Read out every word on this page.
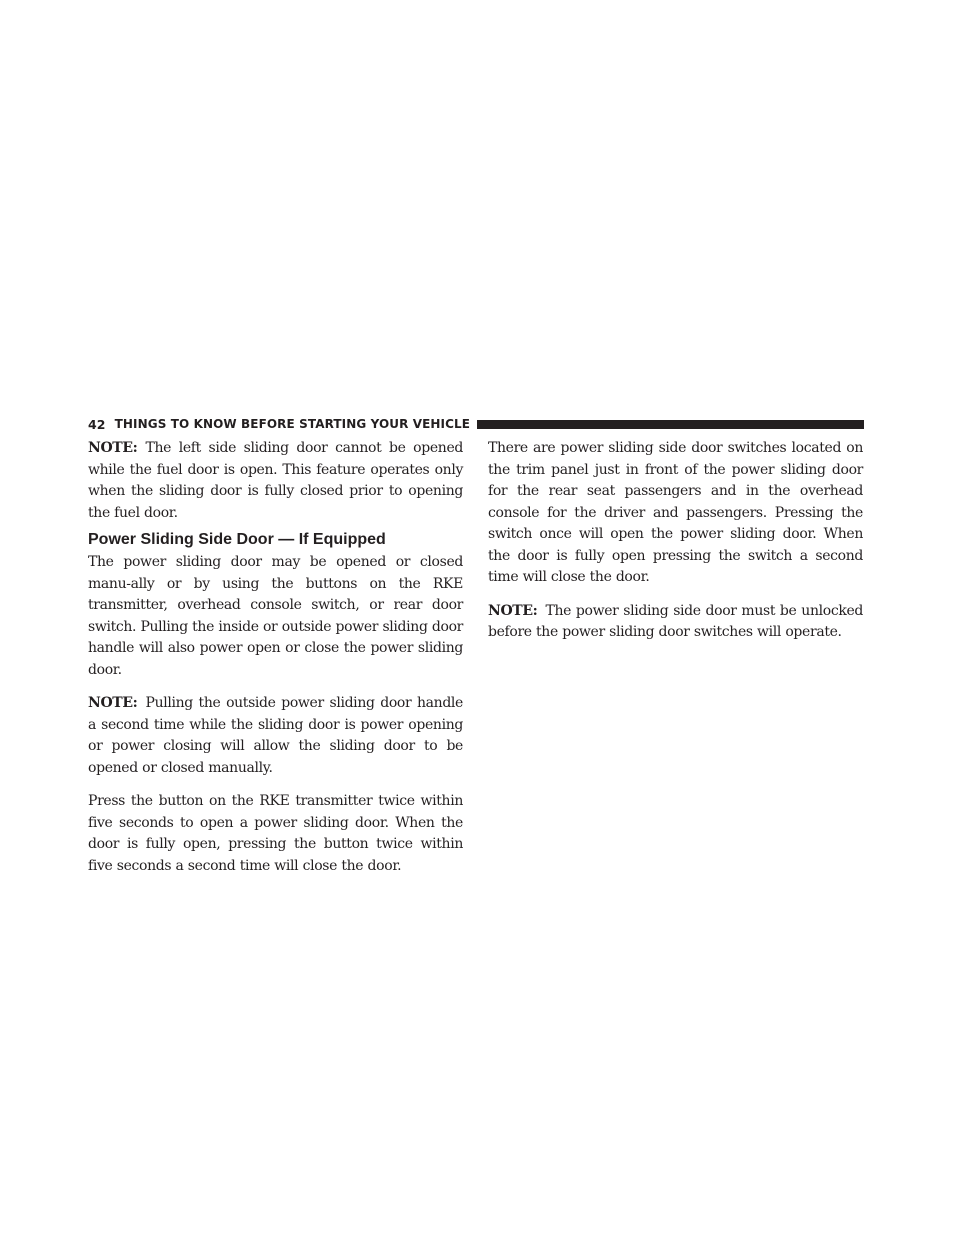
42 THINGS TO KNOW BEFORE STARTING YOUR VEHICLE

NOTE: The left side sliding door cannot be opened while the fuel door is open. This feature operates only when the sliding door is fully closed prior to opening the fuel door.

Power Sliding Side Door — If Equipped

The power sliding door may be opened or closed manu-ally or by using the buttons on the RKE transmitter, overhead console switch, or rear door switch. Pulling the inside or outside power sliding door handle will also power open or close the power sliding door.

NOTE: Pulling the outside power sliding door handle a second time while the sliding door is power opening or power closing will allow the sliding door to be opened or closed manually.

Press the button on the RKE transmitter twice within five seconds to open a power sliding door. When the door is fully open, pressing the button twice within five seconds a second time will close the door.

There are power sliding side door switches located on the trim panel just in front of the power sliding door for the rear seat passengers and in the overhead console for the driver and passengers. Pressing the switch once will open the power sliding door. When the door is fully open pressing the switch a second time will close the door.

NOTE: The power sliding side door must be unlocked before the power sliding door switches will operate.
